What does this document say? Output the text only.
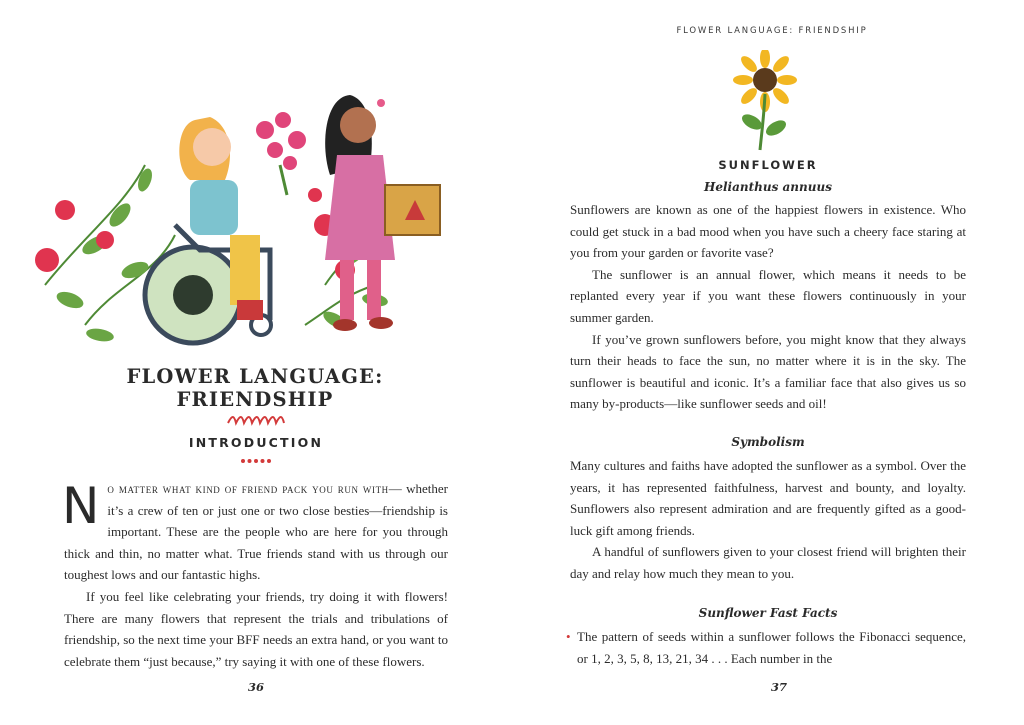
FLOWER LANGUAGE:
FRIENDSHIP
INTRODUCTION

No matter what kind of friend pack you run with— whether it’s a crew of ten or just one or two close besties—friendship is important. These are the people who are here for you through thick and thin, no matter what. True friends stand with us through our toughest lows and our fantastic highs.

If you feel like celebrating your friends, try doing it with flowers! There are many flowers that represent the trials and tribulations of friendship, so the next time your BFF needs an extra hand, or you want to celebrate them “just because,” try saying it with one of these flowers.

36
FLOWER LANGUAGE: FRIENDSHIP
SUNFLOWER
Helianthus annuus

Sunflowers are known as one of the happiest flowers in existence. Who could get stuck in a bad mood when you have such a cheery face staring at you from your garden or favorite vase?

The sunflower is an annual flower, which means it needs to be replanted every year if you want these flowers continuously in your summer garden.

If you’ve grown sunflowers before, you might know that they always turn their heads to face the sun, no matter where it is in the sky. The sunflower is beautiful and iconic. It’s a familiar face that also gives us so many by-products—like sunflower seeds and oil!

Symbolism

Many cultures and faiths have adopted the sunflower as a symbol. Over the years, it has represented faithfulness, harvest and bounty, and loyalty. Sunflowers also represent admiration and are frequently gifted as a good-luck gift among friends.

A handful of sunflowers given to your closest friend will brighten their day and relay how much they mean to you.

Sunflower Fast Facts
• The pattern of seeds within a sunflower follows the Fibonacci sequence, or 1, 2, 3, 5, 8, 13, 21, 34 . . . Each number in the
37
